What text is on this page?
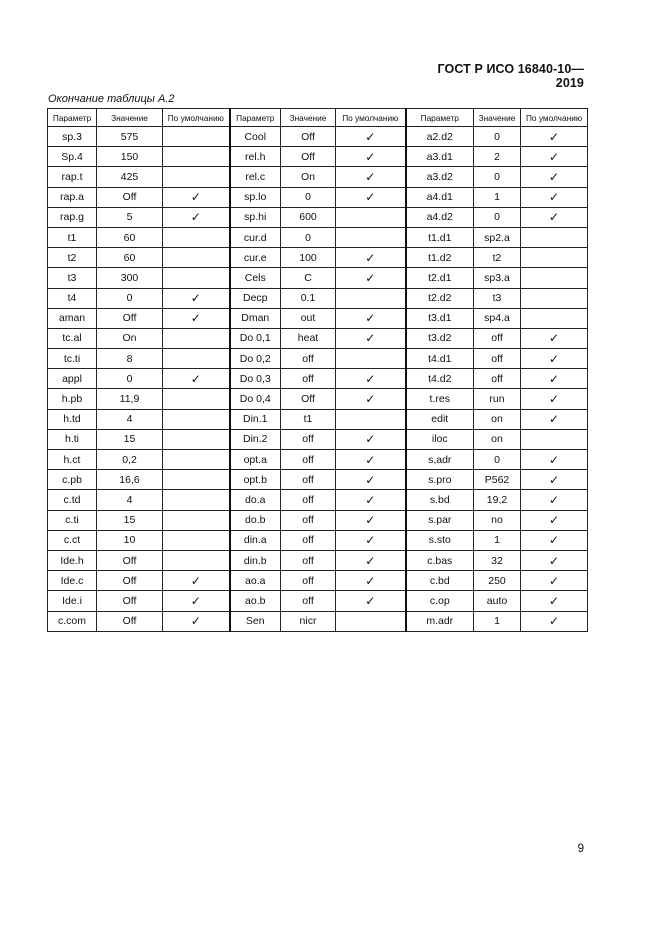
ГОСТ Р ИСО 16840-10—2019
Окончание таблицы А.2
Параметр	Значение	По умолчанию	Параметр	Значение	По умолчанию	Параметр	Значение	По умолчанию
sp.3	575		Cool	Off	✓	a2.d2	0	✓
Sp.4	150		rel.h	Off	✓	a3.d1	2	✓
rap.t	425		rel.c	On	✓	a3.d2	0	✓
rap.a	Off	✓	sp.lo	0	✓	a4.d1	1	✓
rap.g	5	✓	sp.hi	600		a4.d2	0	✓
t1	60		cur.d	0		t1.d1	sp2.a	
t2	60		cur.e	100	✓	t1.d2	t2	
t3	300		Cels	C	✓	t2.d1	sp3.a	
t4	0	✓	Decp	0.1		t2.d2	t3	
aman	Off	✓	Dman	out	✓	t3.d1	sp4.a	
tc.al	On		Do 0,1	heat	✓	t3.d2	off	✓
tc.ti	8		Do 0,2	off		t4.d1	off	✓
appl	0	✓	Do 0,3	off	✓	t4.d2	off	✓
h.pb	11,9		Do 0,4	Off	✓	t.res	run	✓
h.td	4		Din.1	t1		edit	on	✓
h.ti	15		Din.2	off	✓	iloc	on	
h.ct	0,2		opt.a	off	✓	s,adr	0	✓
c.pb	16,6		opt.b	off	✓	s.pro	P562	✓
c.td	4		do.a	off	✓	s.bd	19,2	✓
c.ti	15		do.b	off	✓	s.par	no	✓
c.ct	10		din.a	off	✓	s.sto	1	✓
Ide.h	Off		din.b	off	✓	c.bas	32	✓
Ide.c	Off	✓	ao.a	off	✓	c.bd	250	✓
Ide.i	Off	✓	ao.b	off	✓	c.op	auto	✓
c.com	Off	✓	Sen	nicr		m.adr	1	✓
9
